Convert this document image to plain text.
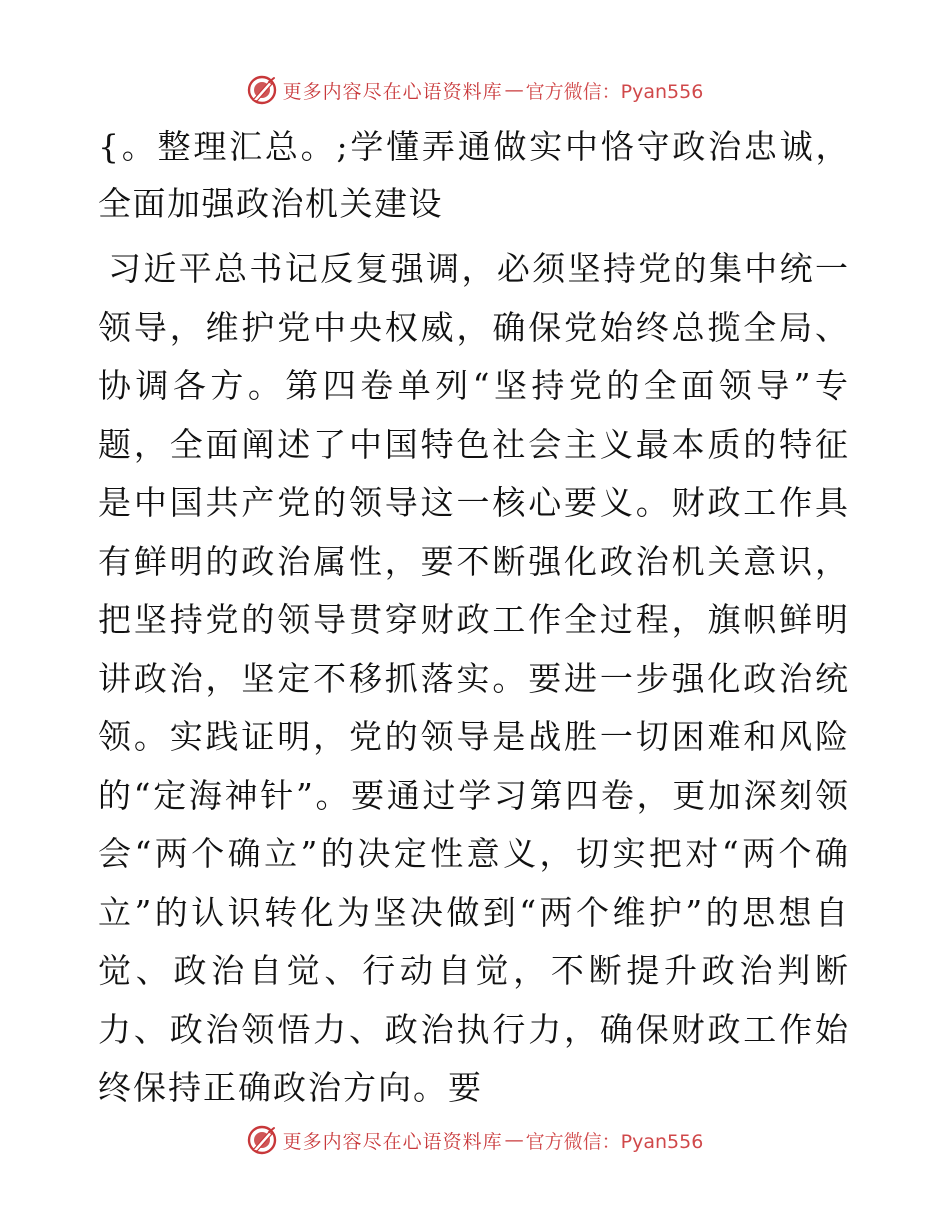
更多内容尽在心语资料库 — 官方微信：Pyan556
{。整理汇总。;学懂弄通做实中恪守政治忠诚，全面加强政治机关建设

习近平总书记反复强调，必须坚持党的集中统一领导，维护党中央权威，确保党始终总揽全局、协调各方。第四卷单列“坚持党的全面领导”专题，全面阐述了中国特色社会主义最本质的特征是中国共产党的领导这一核心要义。财政工作具有鲜明的政治属性，要不断强化政治机关意识，把坚持党的领导贯穿财政工作全过程，旗帜鲜明讲政治，坚定不移抓落实。要进一步强化政治统领。实践证明，党的领导是战胜一切困难和风险的“定海神针”。要通过学习第四卷，更加深刻领会“两个确立”的决定性意义，切实把对“两个确立”的认识转化为坚决做到“两个维护”的思想自觉、政治自觉、行动自觉，不断提升政治判断力、政治领悟力、政治执行力，确保财政工作始终保持正确政治方向。要

更多内容尽在心语资料库 — 官方微信：Pyan556
